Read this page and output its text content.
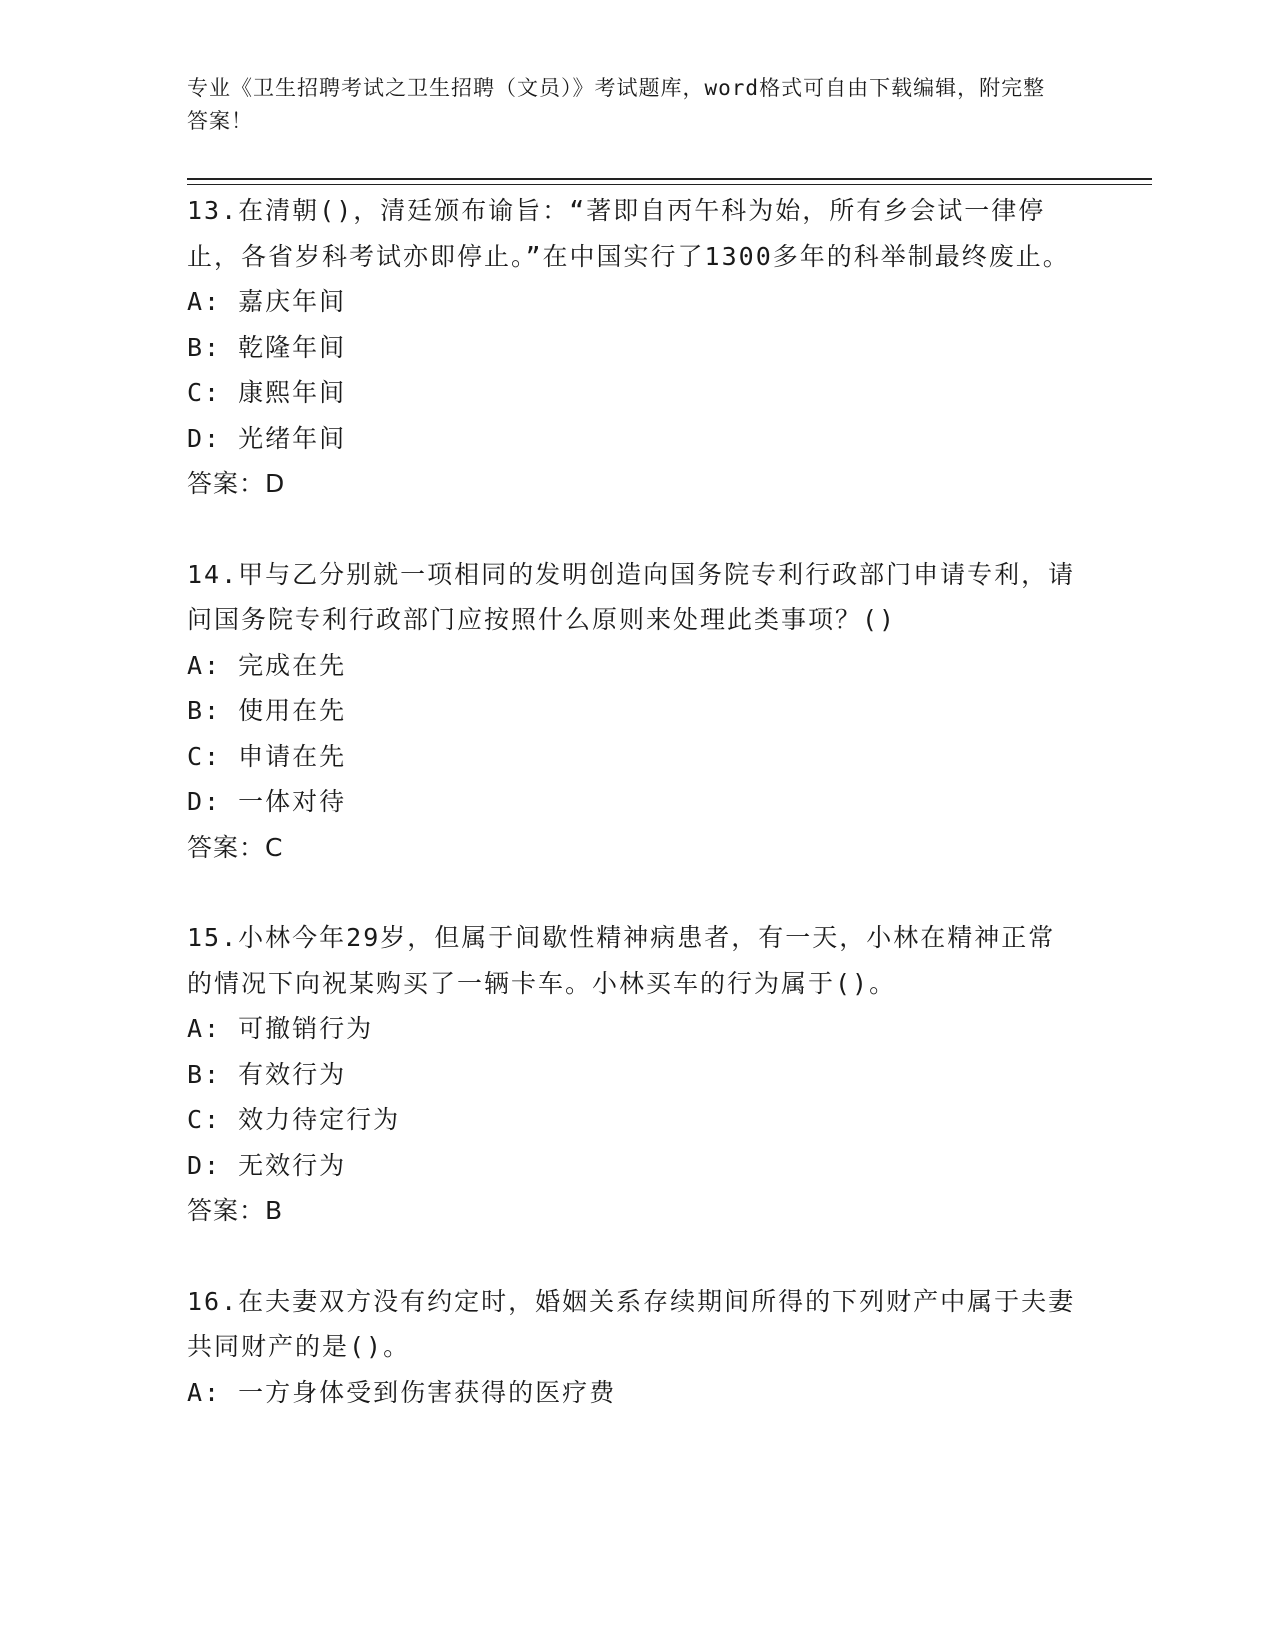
专业《卫生招聘考试之卫生招聘（文员）》考试题库，word格式可自由下载编辑，附完整答案！

13.在清朝()，清廷颁布谕旨：“著即自丙午科为始，所有乡会试一律停止，各省岁科考试亦即停止。”在中国实行了1300多年的科举制最终废止。

A: 嘉庆年间

B: 乾隆年间

C: 康熙年间

D: 光绪年间

答案：D

14.甲与乙分别就一项相同的发明创造向国务院专利行政部门申请专利，请问国务院专利行政部门应按照什么原则来处理此类事项？()

A: 完成在先

B: 使用在先

C: 申请在先

D: 一体对待

答案：C

15.小林今年29岁，但属于间歇性精神病患者，有一天，小林在精神正常的情况下向祝某购买了一辆卡车。小林买车的行为属于()。

A: 可撤销行为

B: 有效行为

C: 效力待定行为

D: 无效行为

答案：B

16.在夫妻双方没有约定时，婚姻关系存续期间所得的下列财产中属于夫妻共同财产的是()。

A: 一方身体受到伤害获得的医疗费
